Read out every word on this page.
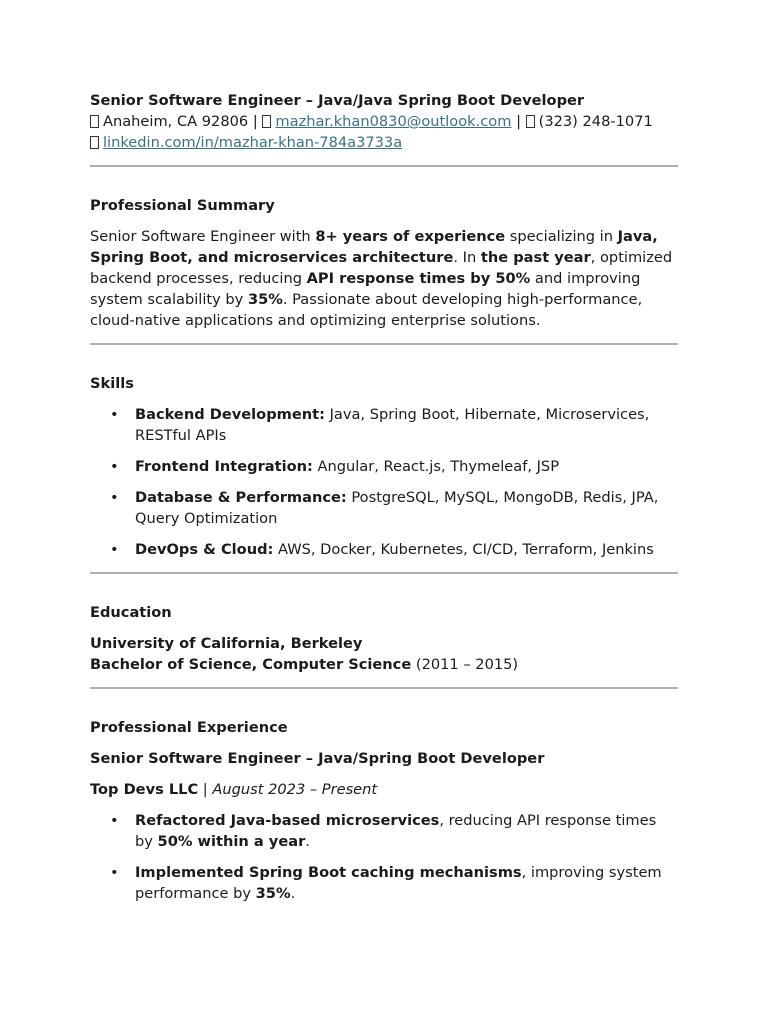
Senior Software Engineer – Java/Java Spring Boot Developer
Anaheim, CA 92806 | mazhar.khan0830@outlook.com | (323) 248-1071
linkedin.com/in/mazhar-khan-784a3733a
Professional Summary

Senior Software Engineer with 8+ years of experience specializing in Java, Spring Boot, and microservices architecture. In the past year, optimized backend processes, reducing API response times by 50% and improving system scalability by 35%. Passionate about developing high-performance, cloud-native applications and optimizing enterprise solutions.

Skills
• Backend Development: Java, Spring Boot, Hibernate, Microservices, RESTful APIs
• Frontend Integration: Angular, React.js, Thymeleaf, JSP
• Database & Performance: PostgreSQL, MySQL, MongoDB, Redis, JPA, Query Optimization
• DevOps & Cloud: AWS, Docker, Kubernetes, CI/CD, Terraform, Jenkins
Education

University of California, Berkeley
Bachelor of Science, Computer Science (2011 – 2015)

Professional Experience

Senior Software Engineer – Java/Spring Boot Developer

Top Devs LLC | August 2023 – Present

• Refactored Java-based microservices, reducing API response times by 50% within a year.
• Implemented Spring Boot caching mechanisms, improving system performance by 35%.
